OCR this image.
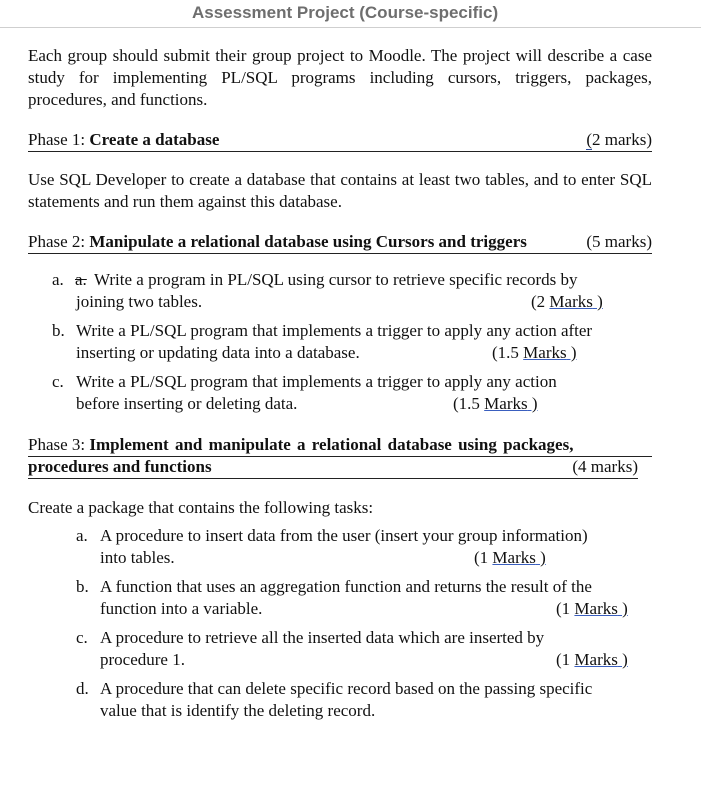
Assessment Project (Course-specific)

Each group should submit their group project to Moodle. The project will describe a case study for implementing PL/SQL programs including cursors, triggers, packages, procedures, and functions.

Phase 1: Create a database	(2 marks)

Use SQL Developer to create a database that contains at least two tables, and to enter SQL statements and run them against this database.

Phase 2: Manipulate a relational database using Cursors and triggers	(5 marks)
a. a. Write a program in PL/SQL using cursor to retrieve specific records by
joining two tables.	(2 Marks )
b. Write a PL/SQL program that implements a trigger to apply any action after
inserting or updating data into a database.	(1.5 Marks )
c. Write a PL/SQL program that implements a trigger to apply any action
before inserting or deleting data.	(1.5 Marks )
Phase 3: Implement and manipulate a relational database using packages,
procedures and functions	(4 marks)

Create a package that contains the following tasks:

a. A procedure to insert data from the user (insert your group information)
into tables.	(1 Marks )
b. A function that uses an aggregation function and returns the result of the
function into a variable.	(1 Marks )
c. A procedure to retrieve all the inserted data which are inserted by
procedure 1.	(1 Marks )
d. A procedure that can delete specific record based on the passing specific
value that is identify the deleting record.
